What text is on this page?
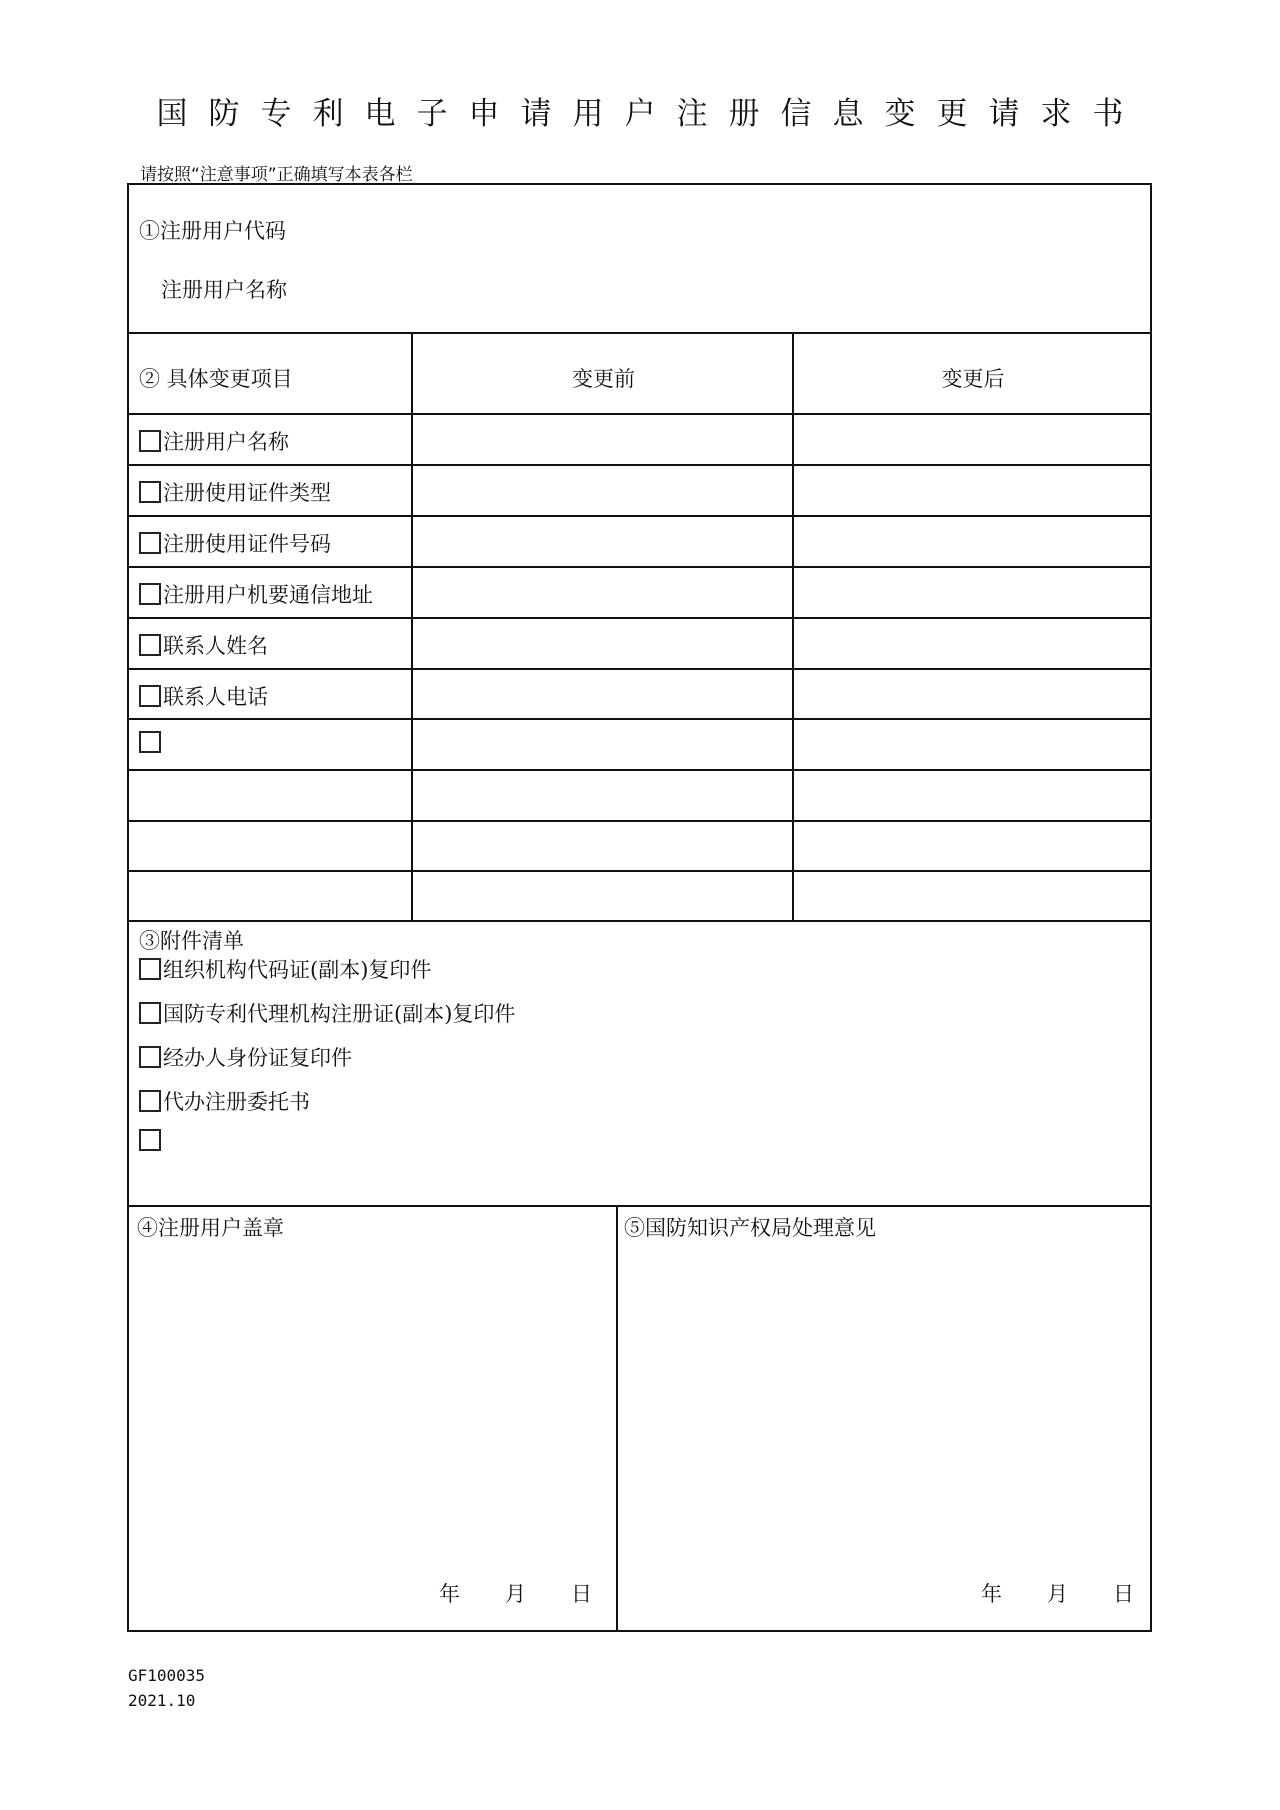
国防专利电子申请用户注册信息变更请求书
请按照“注意事项”正确填写本表各栏
①注册用户代码
注册用户名称
② 具体变更项目	变更前	变更后
注册用户名称
注册使用证件类型
注册使用证件号码
注册用户机要通信地址
联系人姓名
联系人电话
③附件清单
组织机构代码证(副本)复印件
国防专利代理机构注册证(副本)复印件
经办人身份证复印件
代办注册委托书
④注册用户盖章
年 月 日
⑤国防知识产权局处理意见
年 月 日
GF100035
2021.10
